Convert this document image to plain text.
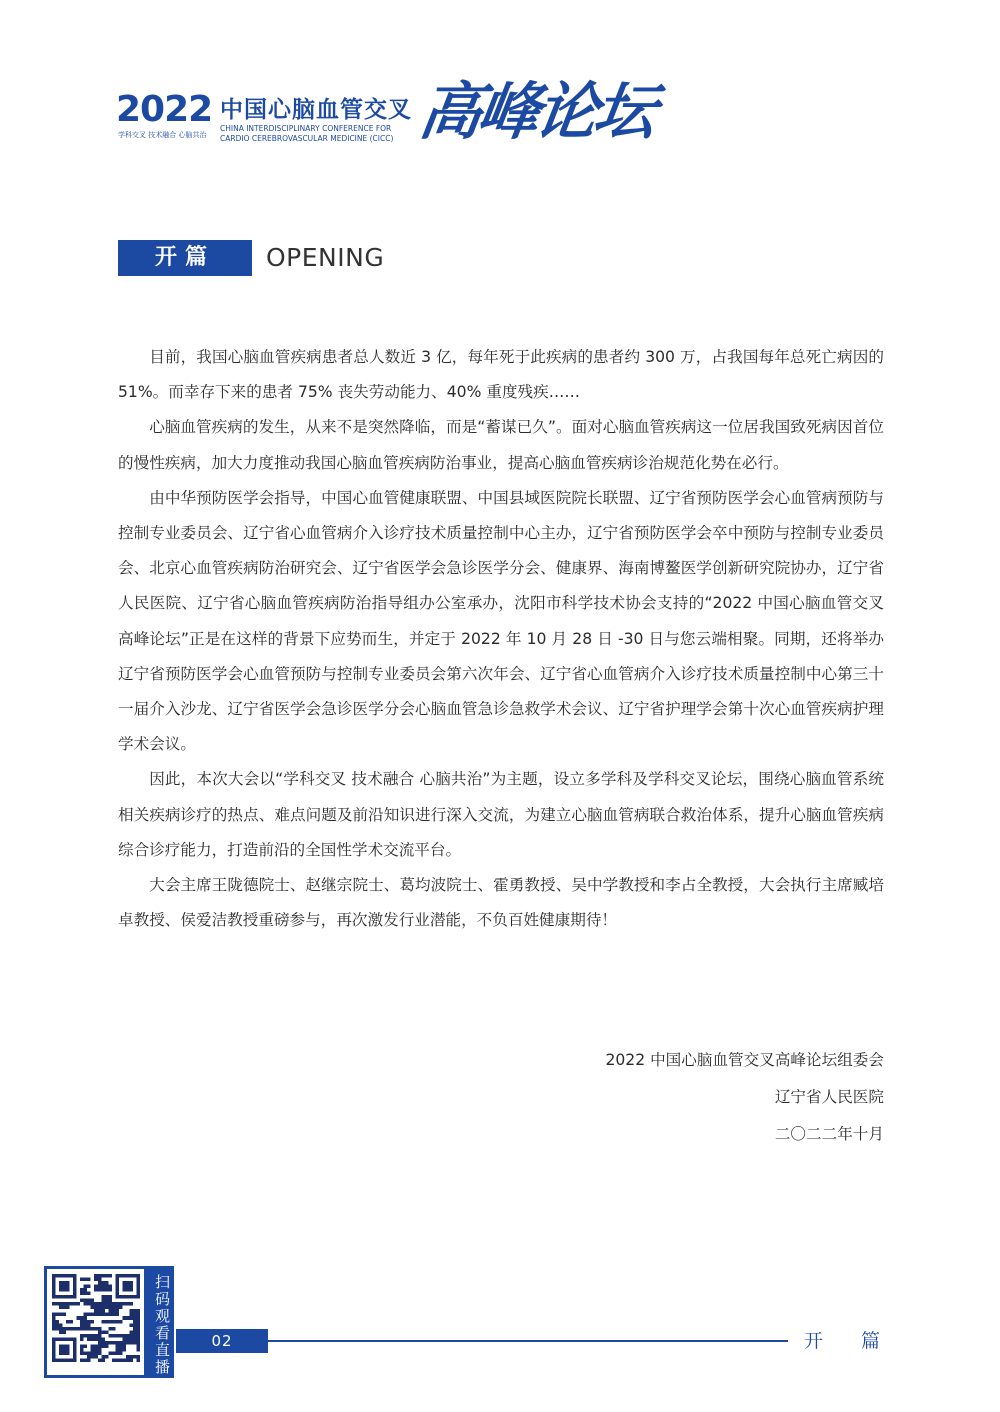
2022
学科交叉 技术融合 心脑共治
中国心脑血管交叉
CHINA INTERDISCIPLINARY CONFERENCE FOR CARDIO CEREBROVASCULAR MEDICINE (CICC) 高峰论坛
开篇	OPENING

目前，我国心脑血管疾病患者总人数近 3 亿，每年死于此疾病的患者约 300 万，占我国每年总死亡病因的 51%。而幸存下来的患者 75% 丧失劳动能力、40% 重度残疾……

心脑血管疾病的发生，从来不是突然降临，而是“蓄谋已久”。面对心脑血管疾病这一位居我国致死病因首位的慢性疾病，加大力度推动我国心脑血管疾病防治事业，提高心脑血管疾病诊治规范化势在必行。

由中华预防医学会指导，中国心血管健康联盟、中国县域医院院长联盟、辽宁省预防医学会心血管病预防与控制专业委员会、辽宁省心血管病介入诊疗技术质量控制中心主办，辽宁省预防医学会卒中预防与控制专业委员会、北京心血管疾病防治研究会、辽宁省医学会急诊医学分会、健康界、海南博鳌医学创新研究院协办，辽宁省人民医院、辽宁省心脑血管疾病防治指导组办公室承办，沈阳市科学技术协会支持的“2022 中国心脑血管交叉高峰论坛”正是在这样的背景下应势而生，并定于 2022 年 10 月 28 日 -30 日与您云端相聚。同期，还将举办辽宁省预防医学会心血管预防与控制专业委员会第六次年会、辽宁省心血管病介入诊疗技术质量控制中心第三十一届介入沙龙、辽宁省医学会急诊医学分会心脑血管急诊急救学术会议、辽宁省护理学会第十次心血管疾病护理学术会议。

因此，本次大会以“学科交叉 技术融合 心脑共治”为主题，设立多学科及学科交叉论坛，围绕心脑血管系统相关疾病诊疗的热点、难点问题及前沿知识进行深入交流，为建立心脑血管病联合救治体系，提升心脑血管疾病综合诊疗能力，打造前沿的全国性学术交流平台。

大会主席王陇德院士、赵继宗院士、葛均波院士、霍勇教授、吴中学教授和李占全教授，大会执行主席臧培卓教授、侯爱洁教授重磅参与，再次激发行业潜能，不负百姓健康期待！

2022 中国心脑血管交叉高峰论坛组委会
辽宁省人民医院
二〇二二年十月
扫码观看直播	02	开　　篇
